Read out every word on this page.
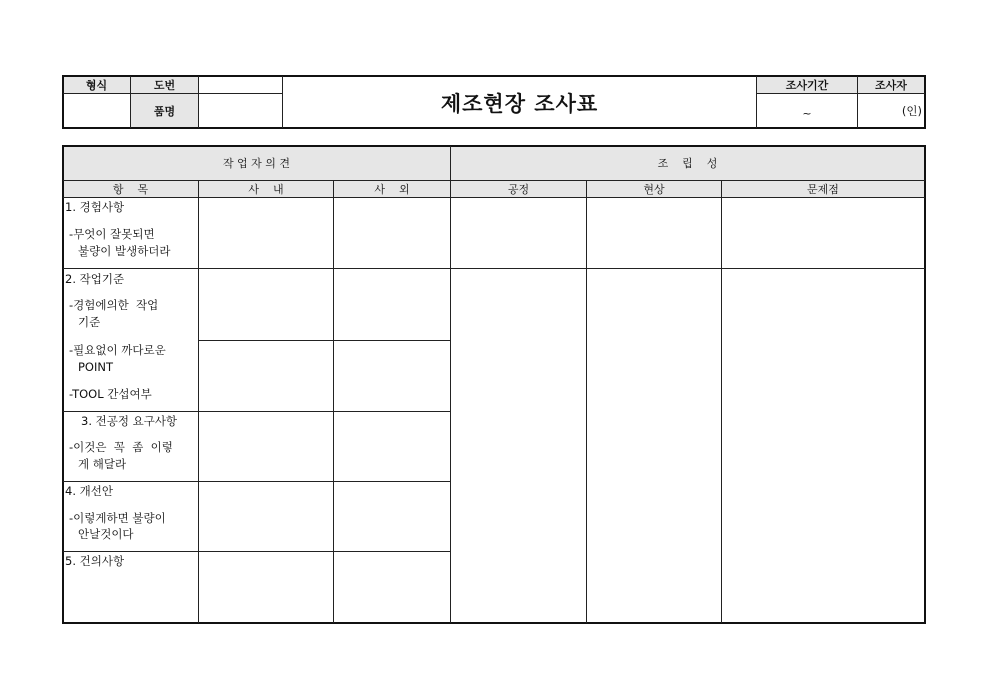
형식	도번
품명	제조현장 조사표
조사기간	조사자
~	(인)
작 업 자 의 견	조    립    성
항    목	사    내	사    외	공정	현상	문제점
1. 경험사항
-무엇이 잘못되면
불량이 발생하더라
2. 작업기준
-경험에의한  작업
기준
-필요없이 까다로운
POINT
-TOOL 간섭여부
3. 전공정 요구사항
-이것은  꼭  좀  이렇
게 해달라
4. 개선안
-이렇게하면 불량이
안날것이다
5. 건의사항
